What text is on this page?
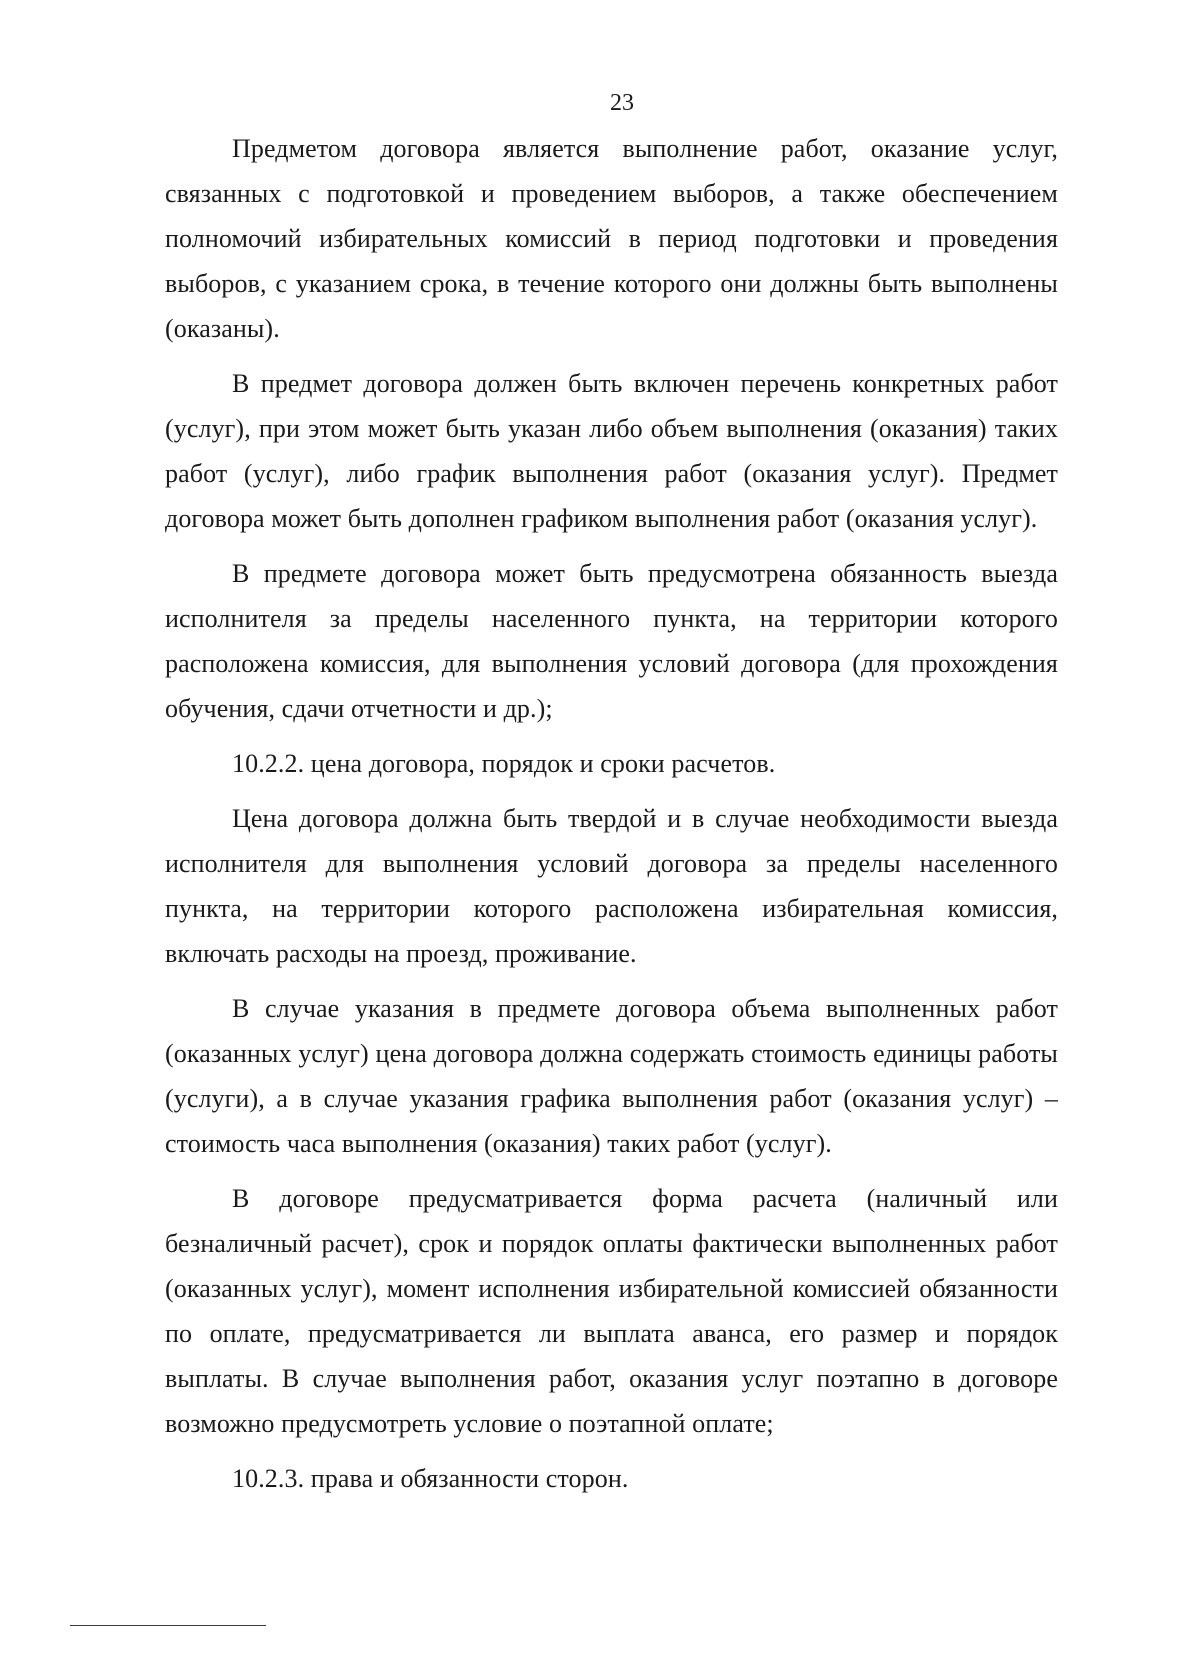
23

Предметом договора является выполнение работ, оказание услуг, связанных с подготовкой и проведением выборов, а также обеспечением полномочий избирательных комиссий в период подготовки и проведения выборов, с указанием срока, в течение которого они должны быть выполнены (оказаны).

В предмет договора должен быть включен перечень конкретных работ (услуг), при этом может быть указан либо объем выполнения (оказания) таких работ (услуг), либо график выполнения работ (оказания услуг). Предмет договора может быть дополнен графиком выполнения работ (оказания услуг).

В предмете договора может быть предусмотрена обязанность выезда исполнителя за пределы населенного пункта, на территории которого расположена комиссия, для выполнения условий договора (для прохождения обучения, сдачи отчетности и др.);

10.2.2. цена договора, порядок и сроки расчетов.

Цена договора должна быть твердой и в случае необходимости выезда исполнителя для выполнения условий договора за пределы населенного пункта, на территории которого расположена избирательная комиссия, включать расходы на проезд, проживание.

В случае указания в предмете договора объема выполненных работ (оказанных услуг) цена договора должна содержать стоимость единицы работы (услуги), а в случае указания графика выполнения работ (оказания услуг) – стоимость часа выполнения (оказания) таких работ (услуг).

В договоре предусматривается форма расчета (наличный или безналичный расчет), срок и порядок оплаты фактически выполненных работ (оказанных услуг), момент исполнения избирательной комиссией обязанности по оплате, предусматривается ли выплата аванса, его размер и порядок выплаты. В случае выполнения работ, оказания услуг поэтапно в договоре возможно предусмотреть условие о поэтапной оплате;

10.2.3. права и обязанности сторон.
